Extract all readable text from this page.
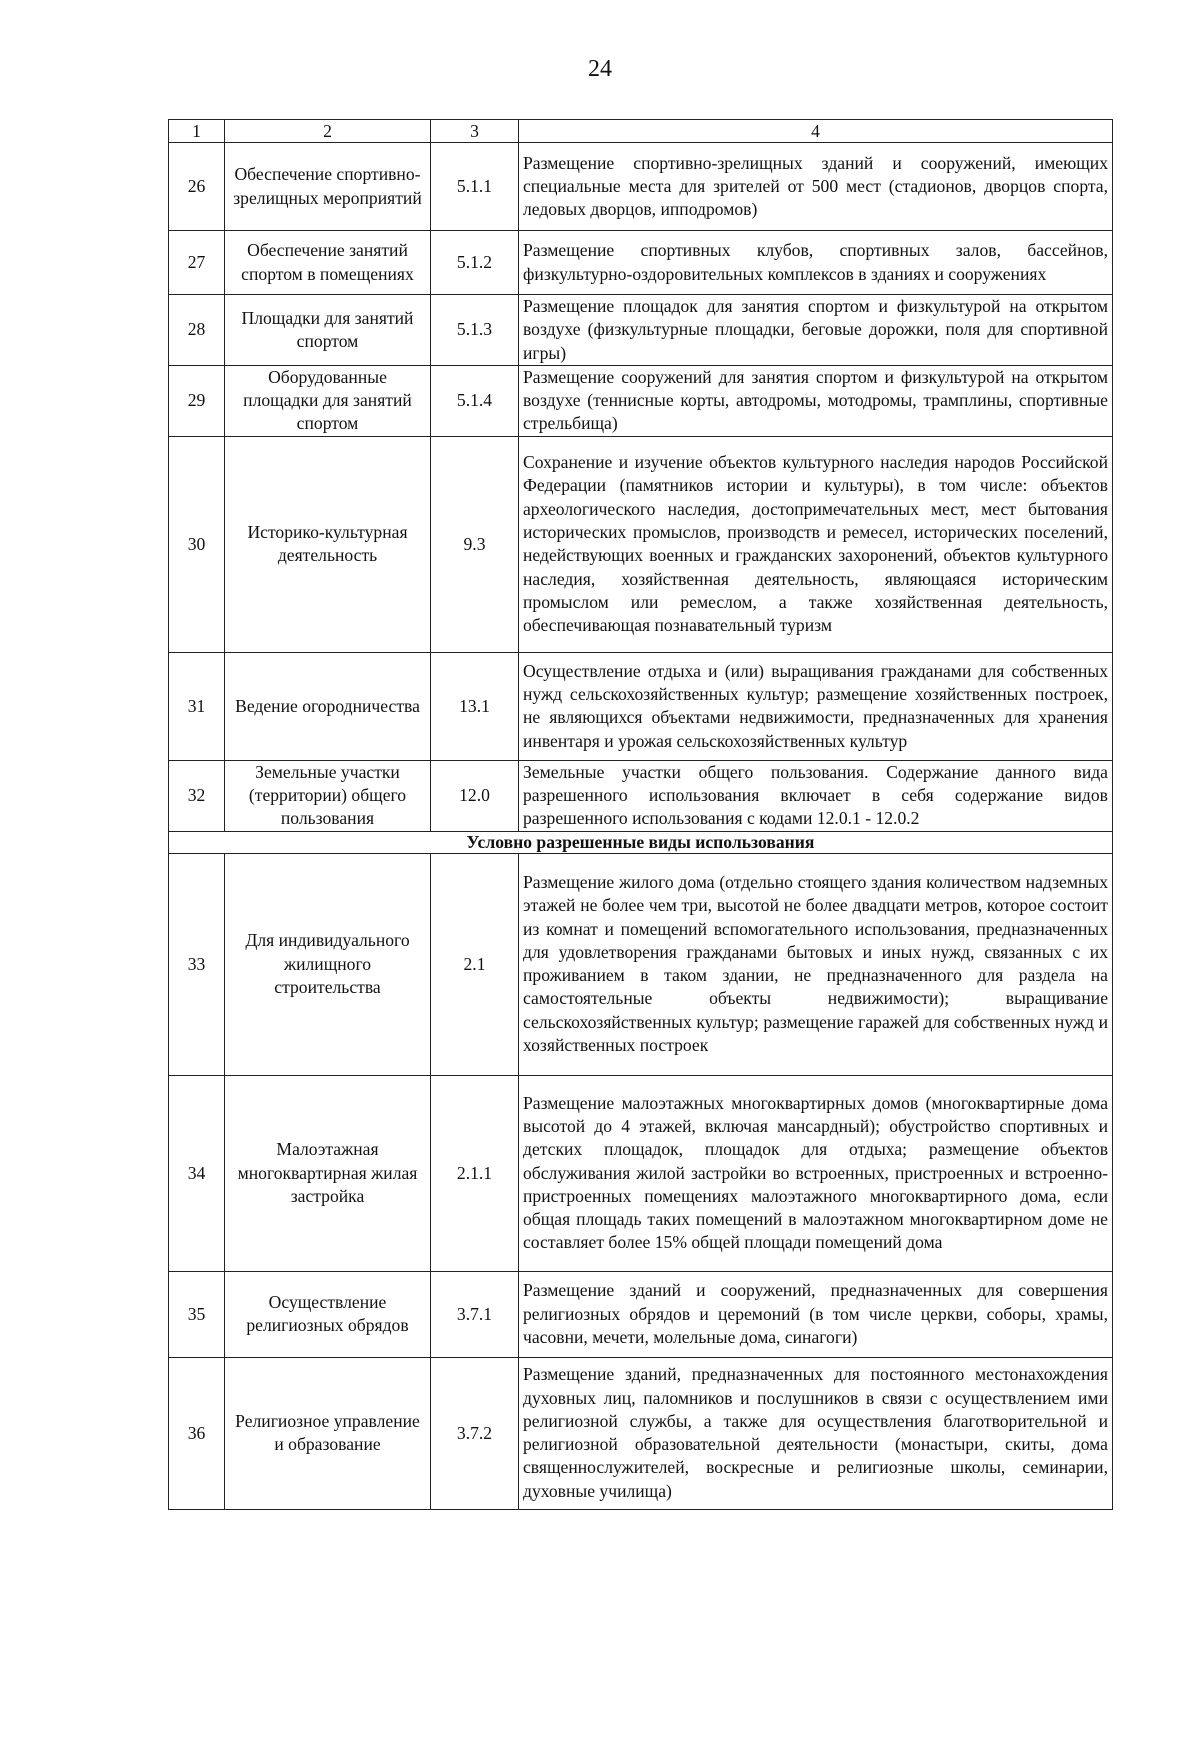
24
1	2	3	4
26	Обеспечение спортивно-зрелищных мероприятий	5.1.1	Размещение спортивно-зрелищных зданий и сооружений, имеющих специальные места для зрителей от 500 мест (стадионов, дворцов спорта, ледовых дворцов, ипподромов)
27	Обеспечение занятий спортом в помещениях	5.1.2	Размещение спортивных клубов, спортивных залов, бассейнов, физкультурно-оздоровительных комплексов в зданиях и сооружениях
28	Площадки для занятий спортом	5.1.3	Размещение площадок для занятия спортом и физкультурой на открытом воздухе (физкультурные площадки, беговые дорожки, поля для спортивной игры)
29	Оборудованные площадки для занятий спортом	5.1.4	Размещение сооружений для занятия спортом и физкультурой на открытом воздухе (теннисные корты, автодромы, мотодромы, трамплины, спортивные стрельбища)
30	Историко-культурная деятельность	9.3	Сохранение и изучение объектов культурного наследия народов Российской Федерации (памятников истории и культуры), в том числе: объектов археологического наследия, достопримечательных мест, мест бытования исторических промыслов, производств и ремесел, исторических поселений, недействующих военных и гражданских захоронений, объектов культурного наследия, хозяйственная деятельность, являющаяся историческим промыслом или ремеслом, а также хозяйственная деятельность, обеспечивающая познавательный туризм
31	Ведение огородничества	13.1	Осуществление отдыха и (или) выращивания гражданами для собственных нужд сельскохозяйственных культур; размещение хозяйственных построек, не являющихся объектами недвижимости, предназначенных для хранения инвентаря и урожая сельскохозяйственных культур
32	Земельные участки (территории) общего пользования	12.0	Земельные участки общего пользования. Содержание данного вида разрешенного использования включает в себя содержание видов разрешенного использования с кодами 12.0.1 - 12.0.2
Условно разрешенные виды использования			
33	Для индивидуального жилищного строительства	2.1	Размещение жилого дома (отдельно стоящего здания количеством надземных этажей не более чем три, высотой не более двадцати метров, которое состоит из комнат и помещений вспомогательного использования, предназначенных для удовлетворения гражданами бытовых и иных нужд, связанных с их проживанием в таком здании, не предназначенного для раздела на самостоятельные объекты недвижимости); выращивание сельскохозяйственных культур; размещение гаражей для собственных нужд и хозяйственных построек
34	Малоэтажная многоквартирная жилая застройка	2.1.1	Размещение малоэтажных многоквартирных домов (многоквартирные дома высотой до 4 этажей, включая мансардный); обустройство спортивных и детских площадок, площадок для отдыха; размещение объектов обслуживания жилой застройки во встроенных, пристроенных и встроенно-пристроенных помещениях малоэтажного многоквартирного дома, если общая площадь таких помещений в малоэтажном многоквартирном доме не составляет более 15% общей площади помещений дома
35	Осуществление религиозных обрядов	3.7.1	Размещение зданий и сооружений, предназначенных для совершения религиозных обрядов и церемоний (в том числе церкви, соборы, храмы, часовни, мечети, молельные дома, синагоги)
36	Религиозное управление и образование	3.7.2	Размещение зданий, предназначенных для постоянного местонахождения духовных лиц, паломников и послушников в связи с осуществлением ими религиозной службы, а также для осуществления благотворительной и религиозной образовательной деятельности (монастыри, скиты, дома священнослужителей, воскресные и религиозные школы, семинарии, духовные училища)
